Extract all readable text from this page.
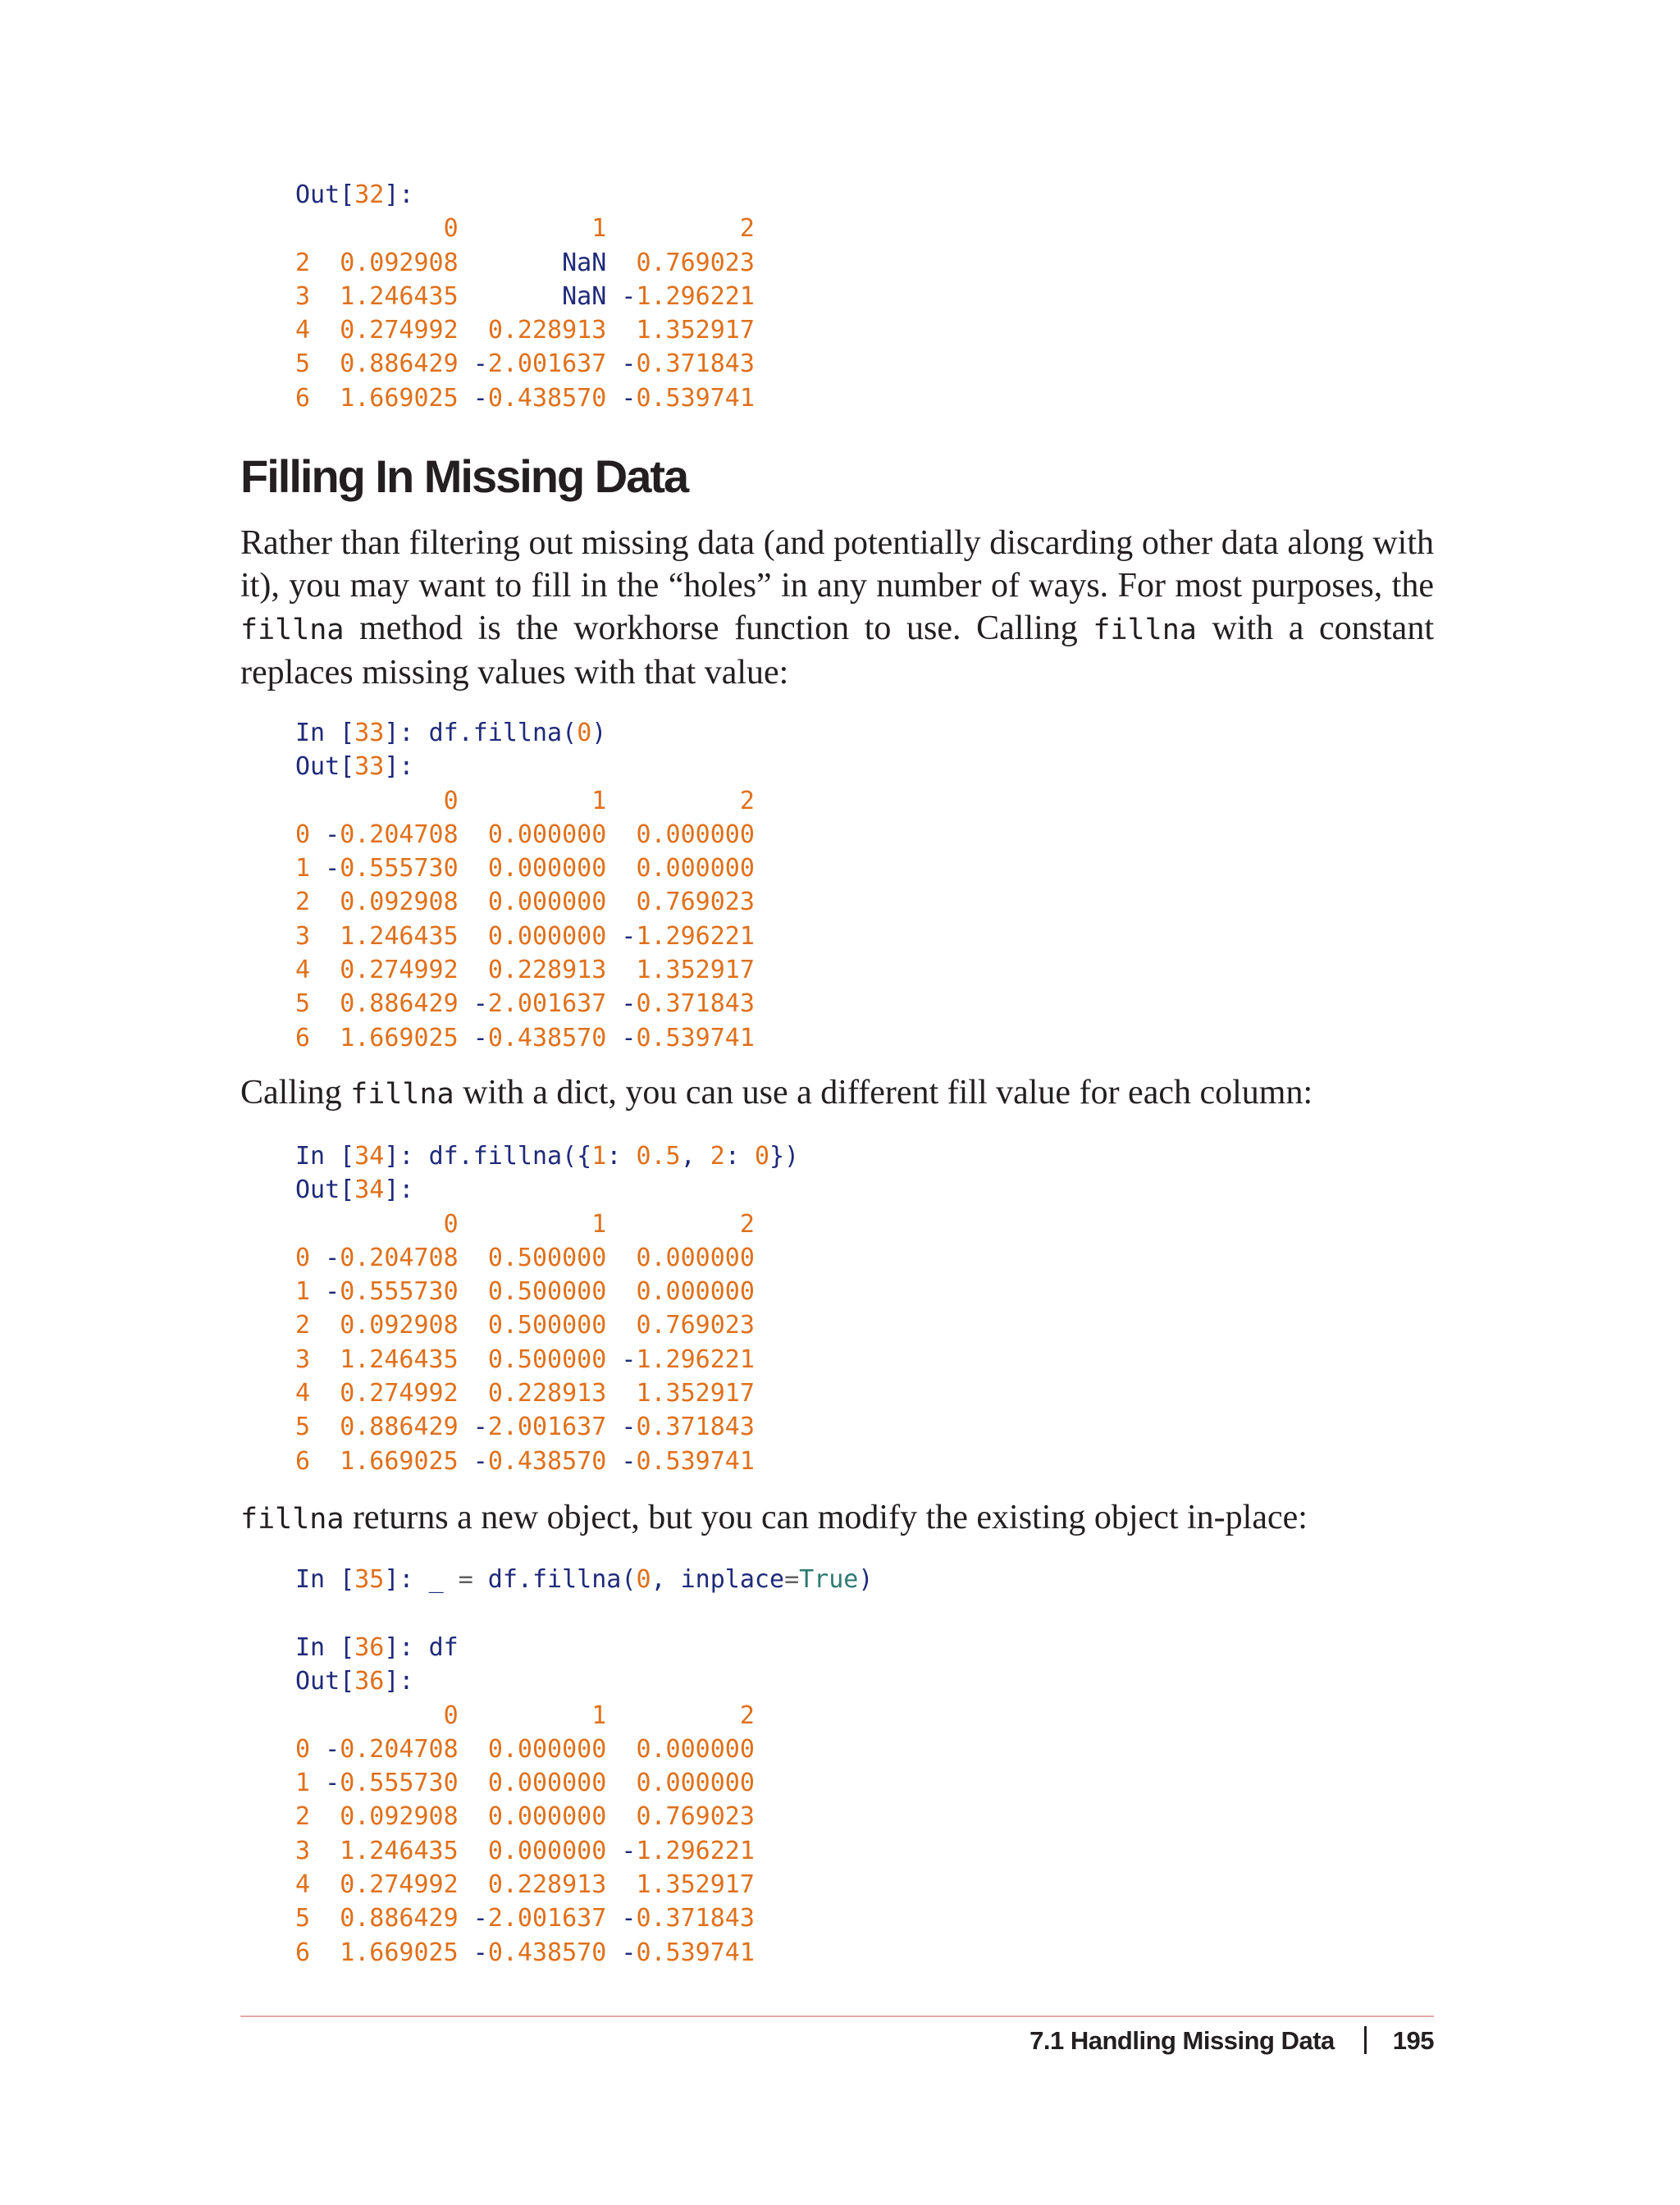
Out[32]:
0         1         2
2 0.092908	NaN 0.769023
3 1.246435	NaN -1.296221
4 0.274992 0.228913 1.352917
5 0.886429 -2.001637 -0.371843
6 1.669025 -0.438570 -0.539741
Filling In Missing Data

Rather than filtering out missing data (and potentially discarding other data along with it), you may want to fill in the “holes” in any number of ways. For most purposes, the fillna method is the workhorse function to use. Calling fillna with a constant replaces missing values with that value:

In [33]: df.fillna(0)
Out[33]:
0         1         2
0 -0.204708 0.000000 0.000000
1 -0.555730 0.000000 0.000000
2 0.092908 0.000000 0.769023
3 1.246435 0.000000 -1.296221
4 0.274992 0.228913 1.352917
5 0.886429 -2.001637 -0.371843
6 1.669025 -0.438570 -0.539741

Calling fillna with a dict, you can use a different fill value for each column:

In [34]: df.fillna({1: 0.5, 2: 0})
Out[34]:
0         1         2
0 -0.204708 0.500000 0.000000
1 -0.555730 0.500000 0.000000
2 0.092908 0.500000 0.769023
3 1.246435 0.500000 -1.296221
4 0.274992 0.228913 1.352917
5 0.886429 -2.001637 -0.371843
6 1.669025 -0.438570 -0.539741

fillna returns a new object, but you can modify the existing object in-place:

In [35]: _ = df.fillna(0, inplace=True)
In [36]: df
Out[36]:
0         1         2
0 -0.204708 0.000000 0.000000
1 -0.555730 0.000000 0.000000
2 0.092908 0.000000 0.769023
3 1.246435 0.000000 -1.296221
4 0.274992 0.228913 1.352917
5 0.886429 -2.001637 -0.371843
6 1.669025 -0.438570 -0.539741
7.1 Handling Missing Data 195
